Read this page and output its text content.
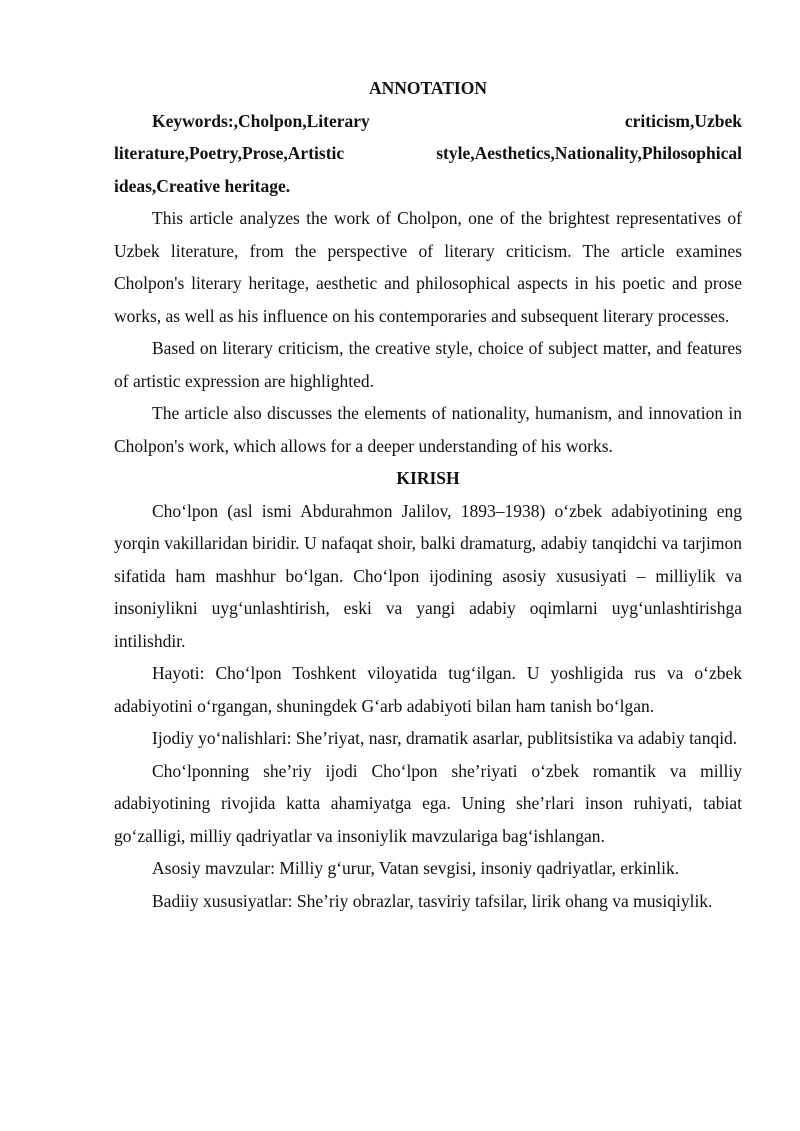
ANNOTATION
Keywords:,Cholpon,Literary	criticism,Uzbek
literature,Poetry,Prose,Artistic	style,Aesthetics,Nationality,Philosophical
ideas,Creative heritage.

This article analyzes the work of Cholpon, one of the brightest representatives of Uzbek literature, from the perspective of literary criticism. The article examines Cholpon's literary heritage, aesthetic and philosophical aspects in his poetic and prose works, as well as his influence on his contemporaries and subsequent literary processes.

Based on literary criticism, the creative style, choice of subject matter, and features of artistic expression are highlighted.

The article also discusses the elements of nationality, humanism, and innovation in Cholpon's work, which allows for a deeper understanding of his works.

KIRISH

Cho‘lpon (asl ismi Abdurahmon Jalilov, 1893–1938) o‘zbek adabiyotining eng yorqin vakillaridan biridir. U nafaqat shoir, balki dramaturg, adabiy tanqidchi va tarjimon sifatida ham mashhur bo‘lgan. Cho‘lpon ijodining asosiy xususiyati – milliylik va insoniylikni uyg‘unlashtirish, eski va yangi adabiy oqimlarni uyg‘unlashtirishga intilishdir.

Hayoti: Cho‘lpon Toshkent viloyatida tug‘ilgan. U yoshligida rus va o‘zbek adabiyotini o‘rgangan, shuningdek G‘arb adabiyoti bilan ham tanish bo‘lgan.

Ijodiy yo‘nalishlari: She’riyat, nasr, dramatik asarlar, publitsistika va adabiy tanqid.

Cho‘lponning she’riy ijodi Cho‘lpon she’riyati o‘zbek romantik va milliy adabiyotining rivojida katta ahamiyatga ega. Uning she’rlari inson ruhiyati, tabiat go‘zalligi, milliy qadriyatlar va insoniylik mavzulariga bag‘ishlangan.

Asosiy mavzular: Milliy g‘urur, Vatan sevgisi, insoniy qadriyatlar, erkinlik.

Badiiy xususiyatlar: She’riy obrazlar, tasviriy tafsilar, lirik ohang va musiqiylik.
